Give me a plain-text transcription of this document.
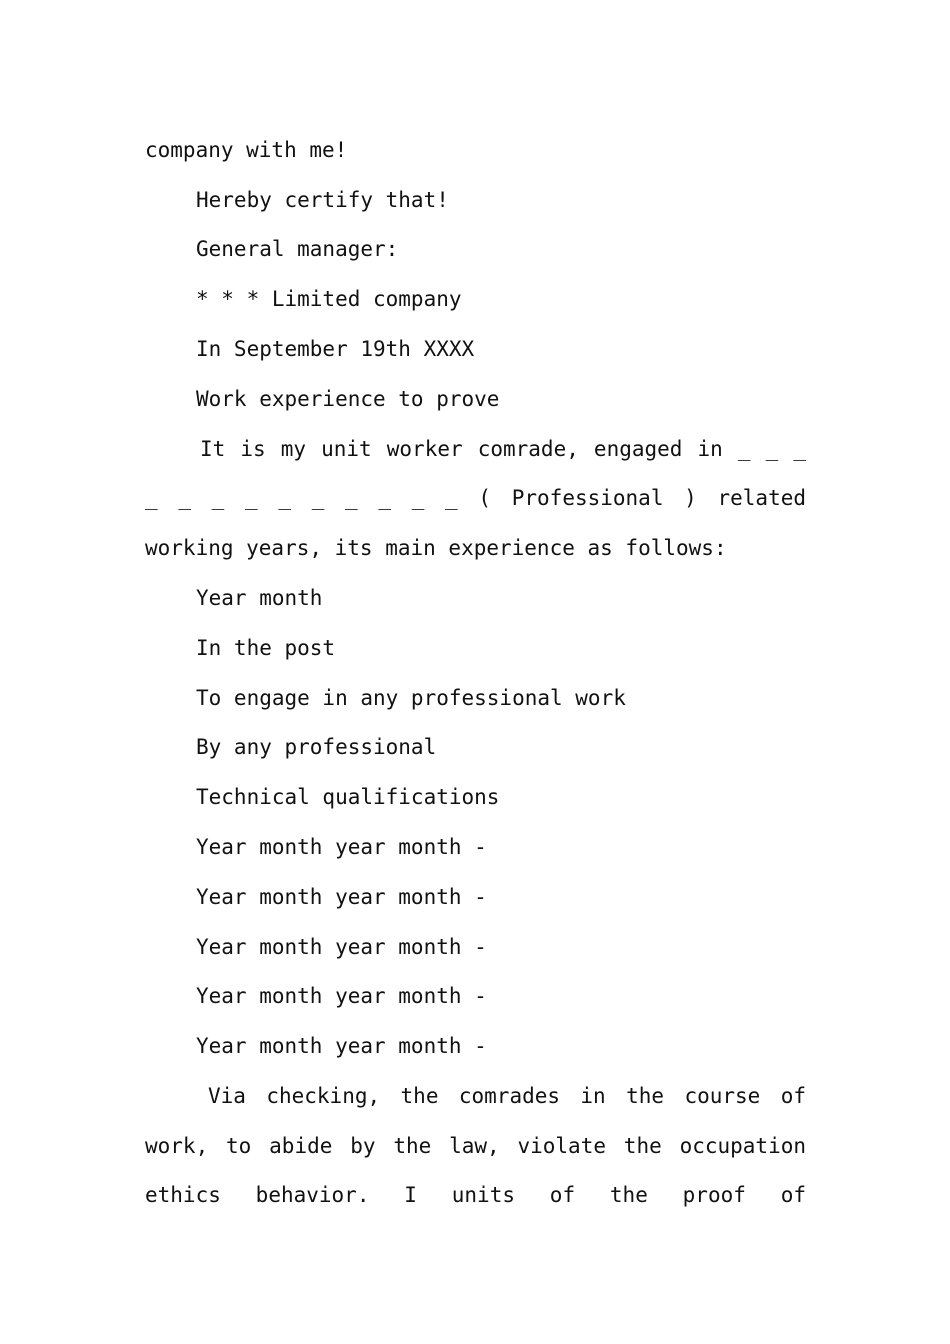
company with me!
Hereby certify that!
General manager:
* * * Limited company
In September 19th XXXX
Work experience to prove
It is my unit worker comrade, engaged in _ _ _
_ _ _ _ _ _ _ _ _ _ ( Professional ) related
working years, its main experience as follows:
Year month
In the post
To engage in any professional work
By any professional
Technical qualifications
Year month year month -
Year month year month -
Year month year month -
Year month year month -
Year month year month -
Via checking, the comrades in the course of
work, to abide by the law, violate the occupation
ethics behavior. I units of the proof of
